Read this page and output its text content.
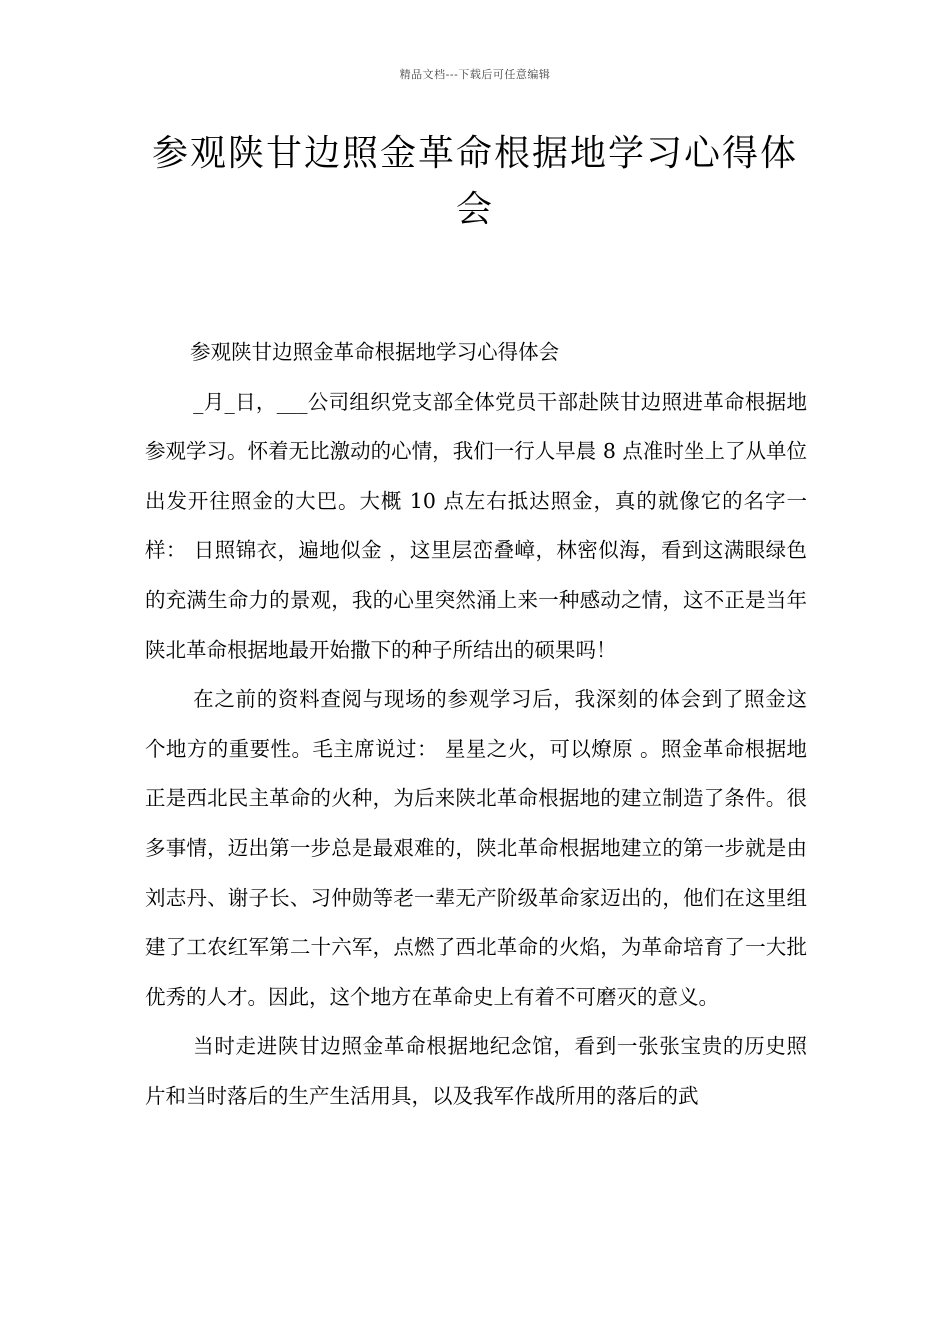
精品文档---下载后可任意编辑
参观陕甘边照金革命根据地学习心得体会

参观陕甘边照金革命根据地学习心得体会

_月_日，___公司组织党支部全体党员干部赴陕甘边照进革命根据地参观学习。怀着无比激动的心情，我们一行人早晨 8 点准时坐上了从单位出发开往照金的大巴。大概 10 点左右抵达照金，真的就像它的名字一样： 日照锦衣，遍地似金 ，这里层峦叠嶂，林密似海，看到这满眼绿色的充满生命力的景观，我的心里突然涌上来一种感动之情，这不正是当年陕北革命根据地最开始撒下的种子所结出的硕果吗！

在之前的资料查阅与现场的参观学习后，我深刻的体会到了照金这个地方的重要性。毛主席说过： 星星之火，可以燎原 。照金革命根据地正是西北民主革命的火种，为后来陕北革命根据地的建立制造了条件。很多事情，迈出第一步总是最艰难的，陕北革命根据地建立的第一步就是由刘志丹、谢子长、习仲勋等老一辈无产阶级革命家迈出的，他们在这里组建了工农红军第二十六军，点燃了西北革命的火焰，为革命培育了一大批优秀的人才。因此，这个地方在革命史上有着不可磨灭的意义。

当时走进陕甘边照金革命根据地纪念馆，看到一张张宝贵的历史照片和当时落后的生产生活用具，以及我军作战所用的落后的武
